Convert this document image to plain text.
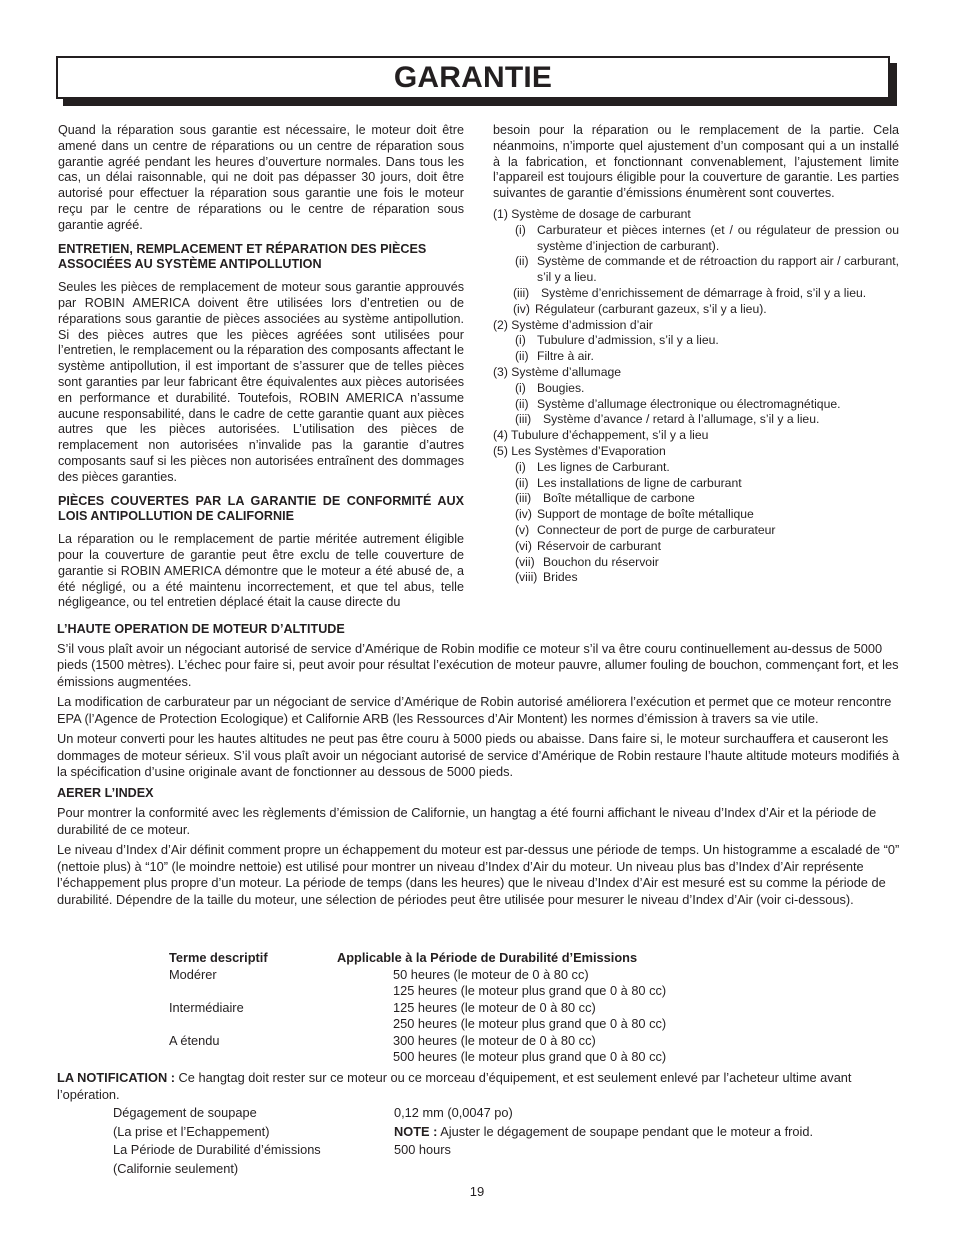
GARANTIE

Quand la réparation sous garantie est nécessaire, le moteur doit être amené dans un centre de réparations ou un centre de réparation sous garantie agréé pendant les heures d’ouverture normales. Dans tous les cas, un délai raisonnable, qui ne doit pas dépasser 30 jours, doit être autorisé pour effectuer la réparation sous garantie une fois le moteur reçu par le centre de réparations ou le centre de réparation sous garantie agréé.

ENTRETIEN, REMPLACEMENT ET RÉPARATION DES PIÈCES ASSOCIÉES AU SYSTÈME ANTIPOLLUTION

Seules les pièces de remplacement de moteur sous garantie approuvés par ROBIN AMERICA doivent être utilisées lors d’entretien ou de réparations sous garantie de pièces associées au système antipollution. Si des pièces autres que les pièces agréées sont utilisées pour l’entretien, le remplacement ou la réparation des composants affectant le système antipollution, il est important de s’assurer que de telles pièces sont garanties par leur fabricant être équivalentes aux pièces autorisées en performance et durabilité. Toutefois, ROBIN AMERICA n’assume aucune responsabilité, dans le cadre de cette garantie quant aux pièces autres que les pièces autorisées. L’utilisation des pièces de remplacement non autorisées n’invalide pas la garantie d’autres composants sauf si les pièces non autorisées entraînent des dommages des pièces garanties.

PIÈCES COUVERTES PAR LA GARANTIE DE CONFORMITÉ AUX LOIS ANTIPOLLUTION DE CALIFORNIE

La réparation ou le remplacement de partie méritée autrement éligible pour la couverture de garantie peut être exclu de telle couverture de garantie si ROBIN AMERICA démontre que le moteur a été abusé de, a été négligé, ou a été maintenu incorrectement, et que tel abus, telle négligeance, ou tel entretien déplacé était la cause directe du

besoin pour la réparation ou le remplacement de la partie. Cela néanmoins, n’importe quel ajustement d’un composant qui a un installé à la fabrication, et fonctionnant convenablement, l’ajustement limite l’appareil est toujours éligible pour la couverture de garantie. Les parties suivantes de garantie d’émissions énumèrent sont couvertes.

(1) Système de dosage de carburant
(i) Carburateur et pièces internes (et / ou régulateur de pression ou système d’injection de carburant).
(ii) Système de commande et de rétroaction du rapport air / carburant, s’il y a lieu.
(iii) Système d’enrichissement de démarrage à froid, s’il y a lieu.
(iv) Régulateur (carburant gazeux, s’il y a lieu).
(2) Système d’admission d’air
(i) Tubulure d’admission, s’il y a lieu.
(ii) Filtre à air.
(3) Système d’allumage
(i) Bougies.
(ii) Système d’allumage électronique ou électromagnétique.
(iii) Système d’avance / retard à l’allumage, s’il y a lieu.
(4) Tubulure d’échappement, s’il y a lieu
(5) Les Systèmes d’Evaporation
(i) Les lignes de Carburant.
(ii) Les installations de ligne de carburant
(iii) Boîte métallique de carbone
(iv) Support de montage de boîte métallique
(v) Connecteur de port de purge de carburateur
(vi) Réservoir de carburant
(vii) Bouchon du réservoir
(viii) Brides

L’HAUTE OPERATION DE MOTEUR D’ALTITUDE

S’il vous plaît avoir un négociant autorisé de service d’Amérique de Robin modifie ce moteur s’il va être couru continuellement au-dessus de 5000 pieds (1500 mètres). L’échec pour faire si, peut avoir pour résultat l’exécution de moteur pauvre, allumer fouling de bouchon, commençant fort, et les émissions augmentées.

La modification de carburateur par un négociant de service d’Amérique de Robin autorisé améliorera l’exécution et permet que ce moteur rencontre EPA (l’Agence de Protection Ecologique) et Californie ARB (les Ressources d’Air Montent) les normes d’émission à travers sa vie utile.

Un moteur converti pour les hautes altitudes ne peut pas être couru à 5000 pieds ou abaisse. Dans faire si, le moteur surchauffera et causeront les dommages de moteur sérieux. S’il vous plaît avoir un négociant autorisé de service d’Amérique de Robin restaure l’haute altitude moteurs modifiés à la spécification d’usine originale avant de fonctionner au dessous de 5000 pieds.

AERER L’INDEX

Pour montrer la conformité avec les règlements d’émission de Californie, un hangtag a été fourni affichant le niveau d’Index d’Air et la période de durabilité de ce moteur.

Le niveau d’Index d’Air définit comment propre un échappement du moteur est par-dessus une période de temps. Un histogramme a escaladé de “0” (nettoie plus) à “10” (le moindre nettoie) est utilisé pour montrer un niveau d’Index d’Air du moteur. Un niveau plus bas d’Index d’Air représente l’échappement plus propre d’un moteur. La période de temps (dans les heures) que le niveau d’Index d’Air est mesuré est su comme la période de durabilité. Dépendre de la taille du moteur, une sélection de périodes peut être utilisée pour mesurer le niveau d’Index d’Air (voir ci-dessous).

Terme descriptif	Applicable à la Période de Durabilité d’Emissions
Modérer	50 heures (le moteur de 0 à 80 cc)
125 heures (le moteur plus grand que 0 à 80 cc)
Intermédiaire	125 heures (le moteur de 0 à 80 cc)
250 heures (le moteur plus grand que 0 à 80 cc)
A étendu	300 heures (le moteur de 0 à 80 cc)
500 heures (le moteur plus grand que 0 à 80 cc)

LA NOTIFICATION : Ce hangtag doit rester sur ce moteur ou ce morceau d’équipement, et est seulement enlevé par l’acheteur ultime avant l’opération.

Dégagement de soupape	0,12 mm (0,0047 po)
(La prise et l’Echappement)	NOTE : Ajuster le dégagement de soupape pendant que le moteur a froid.
La Période de Durabilité d’émissions	500 hours
(Californie seulement)
19
